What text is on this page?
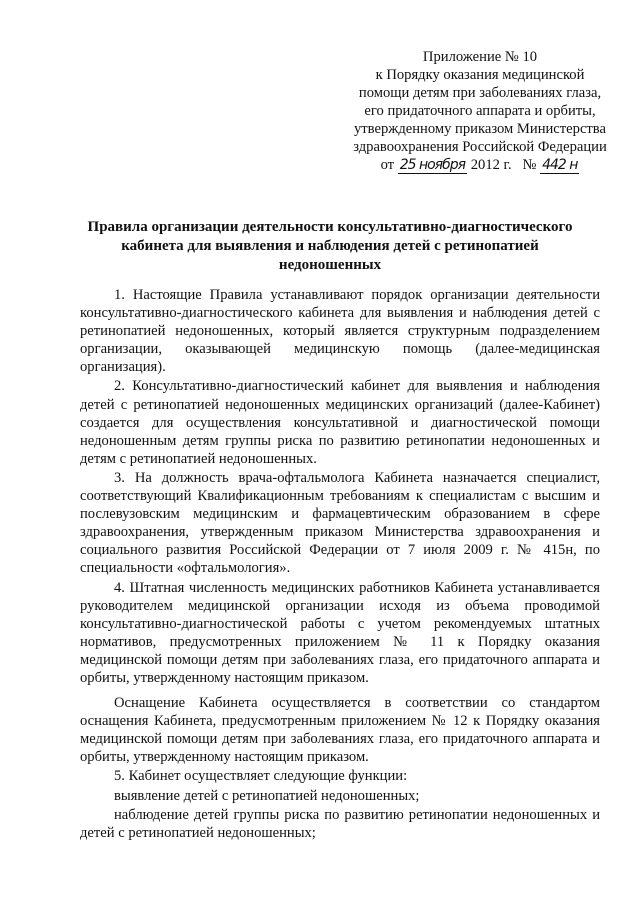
Приложение № 10
к Порядку оказания медицинской
помощи детям при заболеваниях глаза,
его придаточного аппарата и орбиты,
утвержденному приказом Министерства
здравоохранения Российской Федерации
от 25 ноября 2012 г. № 442 н
Правила организации деятельности консультативно-диагностического
кабинета для выявления и наблюдения детей с ретинопатией
недоношенных

1. Настоящие Правила устанавливают порядок организации деятельности консультативно-диагностического кабинета для выявления и наблюдения детей с ретинопатией недоношенных, который является структурным подразделением организации, оказывающей медицинскую помощь (далее-медицинская организация).

2. Консультативно-диагностический кабинет для выявления и наблюдения детей с ретинопатией недоношенных медицинских организаций (далее-Кабинет) создается для осуществления консультативной и диагностической помощи недоношенным детям группы риска по развитию ретинопатии недоношенных и детям с ретинопатией недоношенных.

3. На должность врача-офтальмолога Кабинета назначается специалист, соответствующий Квалификационным требованиям к специалистам с высшим и послевузовским медицинским и фармацевтическим образованием в сфере здравоохранения, утвержденным приказом Министерства здравоохранения и социального развития Российской Федерации от 7 июля 2009 г. № 415н, по специальности «офтальмология».

4. Штатная численность медицинских работников Кабинета устанавливается руководителем медицинской организации исходя из объема проводимой консультативно-диагностической работы с учетом рекомендуемых штатных нормативов, предусмотренных приложением № 11 к Порядку оказания медицинской помощи детям при заболеваниях глаза, его придаточного аппарата и орбиты, утвержденному настоящим приказом.

Оснащение Кабинета осуществляется в соответствии со стандартом оснащения Кабинета, предусмотренным приложением № 12 к Порядку оказания медицинской помощи детям при заболеваниях глаза, его придаточного аппарата и орбиты, утвержденному настоящим приказом.

5. Кабинет осуществляет следующие функции:

выявление детей с ретинопатией недоношенных;

наблюдение детей группы риска по развитию ретинопатии недоношенных и детей с ретинопатией недоношенных;
